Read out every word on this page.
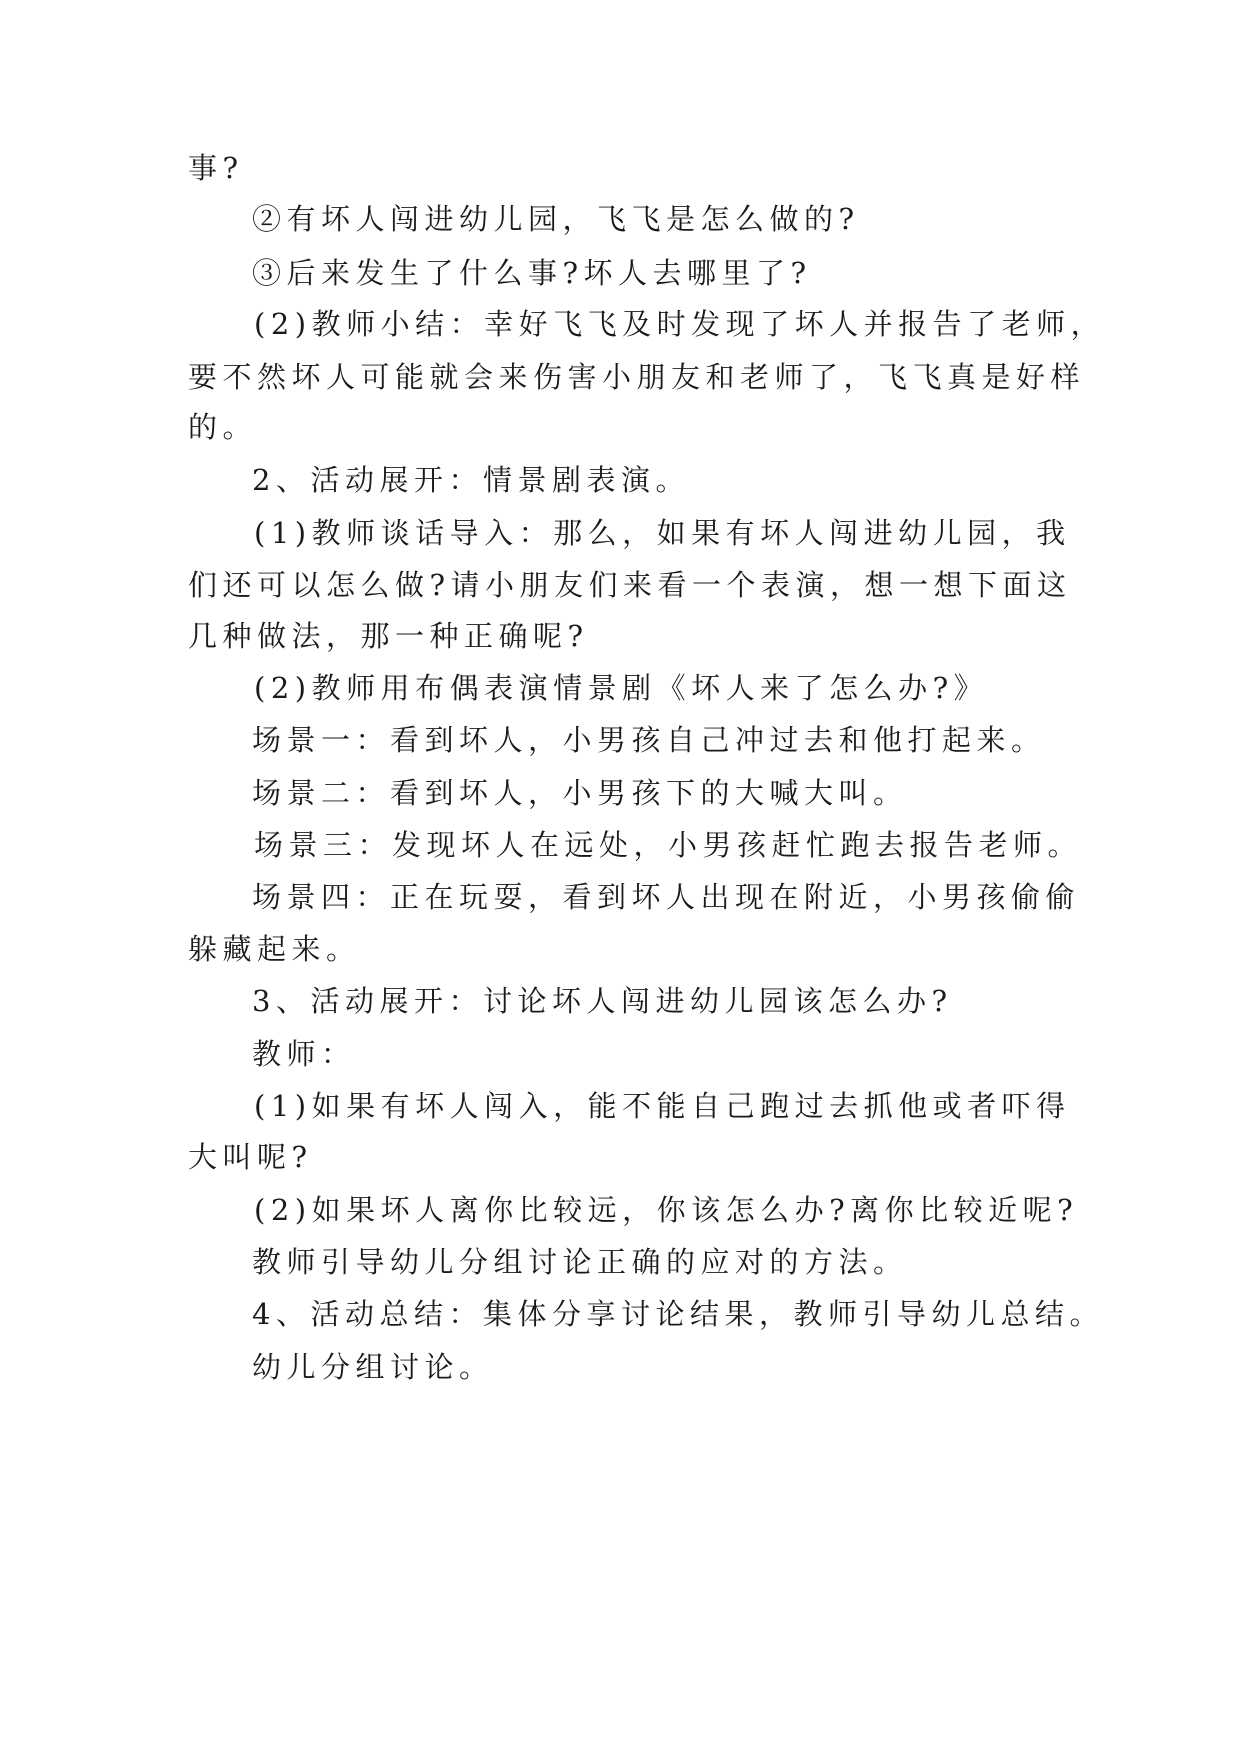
事?
②有坏人闯进幼儿园，飞飞是怎么做的?
③后来发生了什么事?坏人去哪里了?
(2)教师小结：幸好飞飞及时发现了坏人并报告了老师，
要不然坏人可能就会来伤害小朋友和老师了，飞飞真是好样
的。
2、活动展开：情景剧表演。
(1)教师谈话导入：那么，如果有坏人闯进幼儿园，我
们还可以怎么做?请小朋友们来看一个表演，想一想下面这
几种做法，那一种正确呢?
(2)教师用布偶表演情景剧《坏人来了怎么办?》
场景一：看到坏人，小男孩自己冲过去和他打起来。
场景二：看到坏人，小男孩下的大喊大叫。
场景三：发现坏人在远处，小男孩赶忙跑去报告老师。
场景四：正在玩耍，看到坏人出现在附近，小男孩偷偷
躲藏起来。
3、活动展开：讨论坏人闯进幼儿园该怎么办?
教师：
(1)如果有坏人闯入，能不能自己跑过去抓他或者吓得
大叫呢?
(2)如果坏人离你比较远，你该怎么办?离你比较近呢?
教师引导幼儿分组讨论正确的应对的方法。
4、活动总结：集体分享讨论结果，教师引导幼儿总结。
幼儿分组讨论。
